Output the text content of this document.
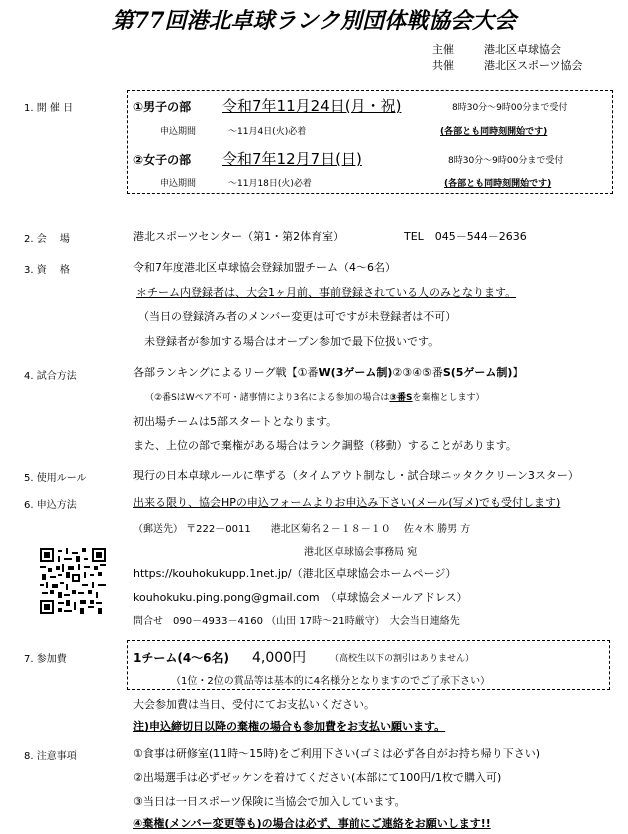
第77回港北卓球ランク別団体戦協会大会
主催	港北区卓球協会
共催	港北区スポーツ協会
1. 開 催 日	①男子の部 令和7年11月24日(月・祝)	8時30分～9時00分まで受付
申込期間	～11月4日(火)必着	(各部とも同時刻開始です)
②女子の部 令和7年12月7日(日)	8時30分～9時00分まで受付
申込期間	～11月18日(火)必着	(各部とも同時刻開始です)
2. 会　 場	港北スポーツセンター（第1・第2体育室）	TEL　045－544－2636
3. 資　 格	令和7年度港北区卓球協会登録加盟チーム（4～6名）
＊チーム内登録者は、大会1ヶ月前、事前登録されている人のみとなります。
（当日の登録済み者のメンバー変更は可ですが未登録者は不可）
未登録者が参加する場合はオープン参加で最下位扱いです。
4. 試合方法	各部ランキングによるリーグ戦【①番W(3ゲーム制)②③④⑤番S(5ゲーム制)】
（②番SはWペア不可・諸事情により3名による参加の場合は③番Sを棄権とします）
初出場チームは5部スタートとなります。
また、上位の部で棄権がある場合はランク調整（移動）することがあります。
5. 使用ルール	現行の日本卓球ルールに準ずる（タイムアウト制なし・試合球ニッタククリーン3スター）
6. 申込方法	出来る限り、協会HPの申込フォームよりお申込み下さい(メール(写メ)でも受付します)
（郵送先） 〒222－0011　　港北区菊名２－１８－１０　 佐々木 勝男 方
港北区卓球協会事務局 宛
https://kouhokukupp.1net.jp/（港北区卓球協会ホームページ）
kouhokuku.ping.pong@gmail.com　（卓球協会メールアドレス）
問合せ　090－4933－4160 （山田 17時～21時厳守）　大会当日連絡先
7. 参加費	1チーム(4～6名) 4,000円	（高校生以下の割引はありません）
（1位・2位の賞品等は基本的に4名様分となりますのでご了承下さい）
大会参加費は当日、受付にてお支払いください。
注)申込締切日以降の棄権の場合も参加費をお支払い願います。
8. 注意事項	①食事は研修室(11時～15時)をご利用下さい(ゴミは必ず各自がお持ち帰り下さい)
②出場選手は必ずゼッケンを着けてください(本部にて100円/1枚で購入可)
③当日は一日スポーツ保険に当協会で加入しています。
④棄権(メンバー変更等も)の場合は必ず、事前にご連絡をお願いします!!
